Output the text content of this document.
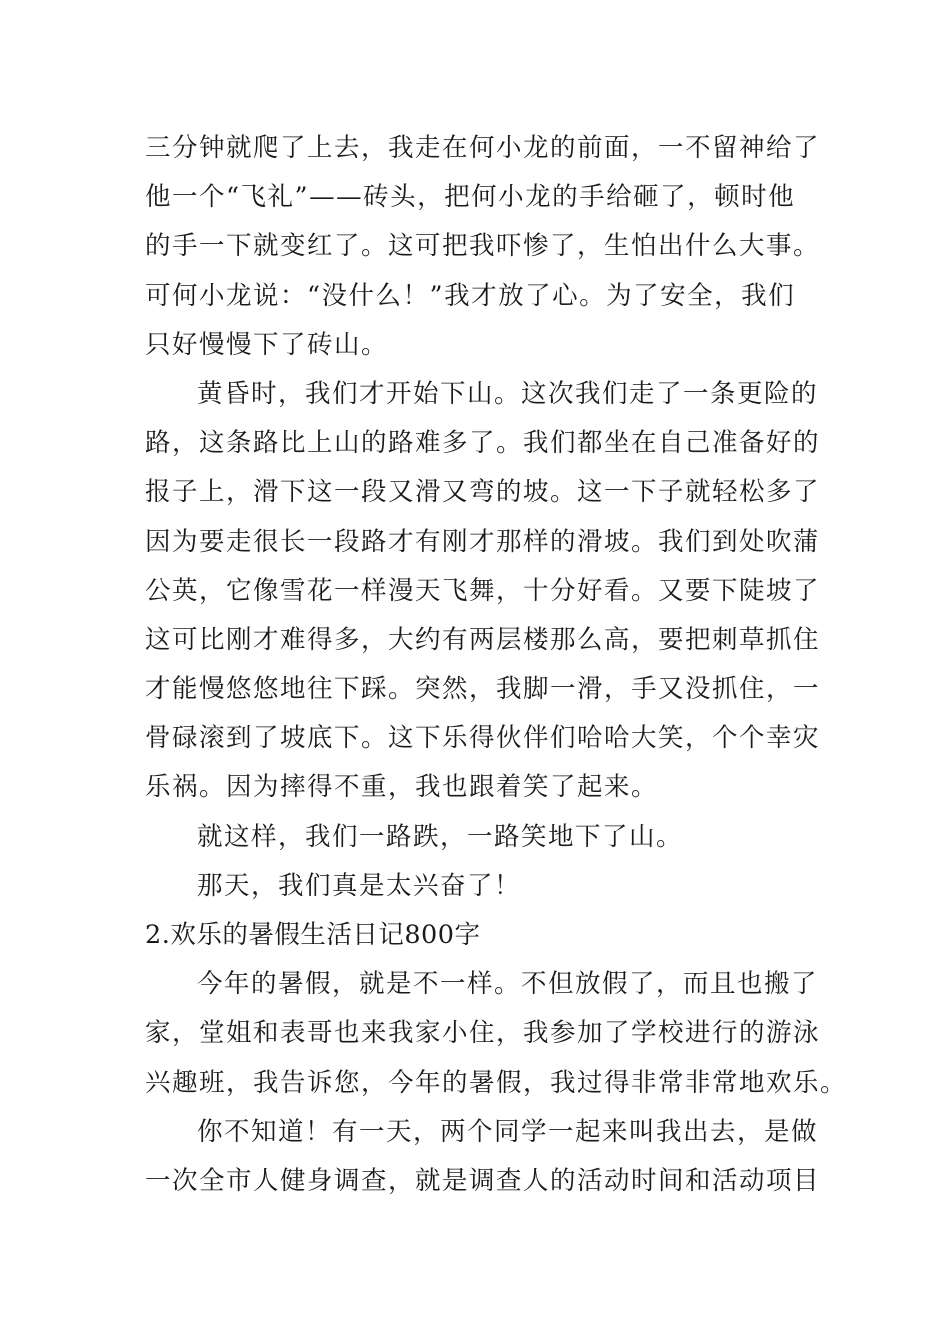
三分钟就爬了上去，我走在何小龙的前面，一不留神给了
他一个“飞礼”——砖头，把何小龙的手给砸了，顿时他
的手一下就变红了。这可把我吓惨了，生怕出什么大事。
可何小龙说：“没什么！”我才放了心。为了安全，我们
只好慢慢下了砖山。
黄昏时，我们才开始下山。这次我们走了一条更险的
路，这条路比上山的路难多了。我们都坐在自己准备好的
报子上，滑下这一段又滑又弯的坡。这一下子就轻松多了
因为要走很长一段路才有刚才那样的滑坡。我们到处吹蒲
公英，它像雪花一样漫天飞舞，十分好看。又要下陡坡了
这可比刚才难得多，大约有两层楼那么高，要把刺草抓住
才能慢悠悠地往下踩。突然，我脚一滑，手又没抓住，一
骨碌滚到了坡底下。这下乐得伙伴们哈哈大笑，个个幸灾
乐祸。因为摔得不重，我也跟着笑了起来。
就这样，我们一路跌，一路笑地下了山。
那天，我们真是太兴奋了！
2.欢乐的暑假生活日记800字
今年的暑假，就是不一样。不但放假了，而且也搬了
家，堂姐和表哥也来我家小住，我参加了学校进行的游泳
兴趣班，我告诉您，今年的暑假，我过得非常非常地欢乐。
你不知道！有一天，两个同学一起来叫我出去，是做
一次全市人健身调查，就是调查人的活动时间和活动项目
